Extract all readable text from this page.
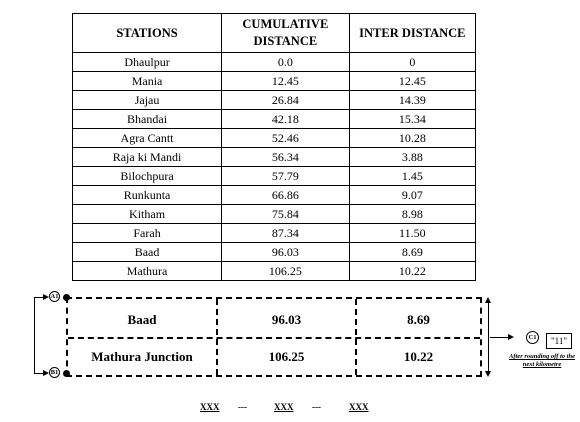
STATIONS	CUMULATIVE DISTANCE	INTER DISTANCE
Dhaulpur	0.0	0
Mania	12.45	12.45
Jajau	26.84	14.39
Bhandai	42.18	15.34
Agra Cantt	52.46	10.28
Raja ki Mandi	56.34	3.88
Bilochpura	57.79	1.45
Runkunta	66.86	9.07
Kitham	75.84	8.98
Farah	87.34	11.50
Baad	96.03	8.69
Mathura	106.25	10.22
Baad	96.03	8.69
Mathura Junction	106.25	10.22
A1
B1
C1	"11"
After rounding off to the next kilometre
XXX ---	XXX ---	XXX
